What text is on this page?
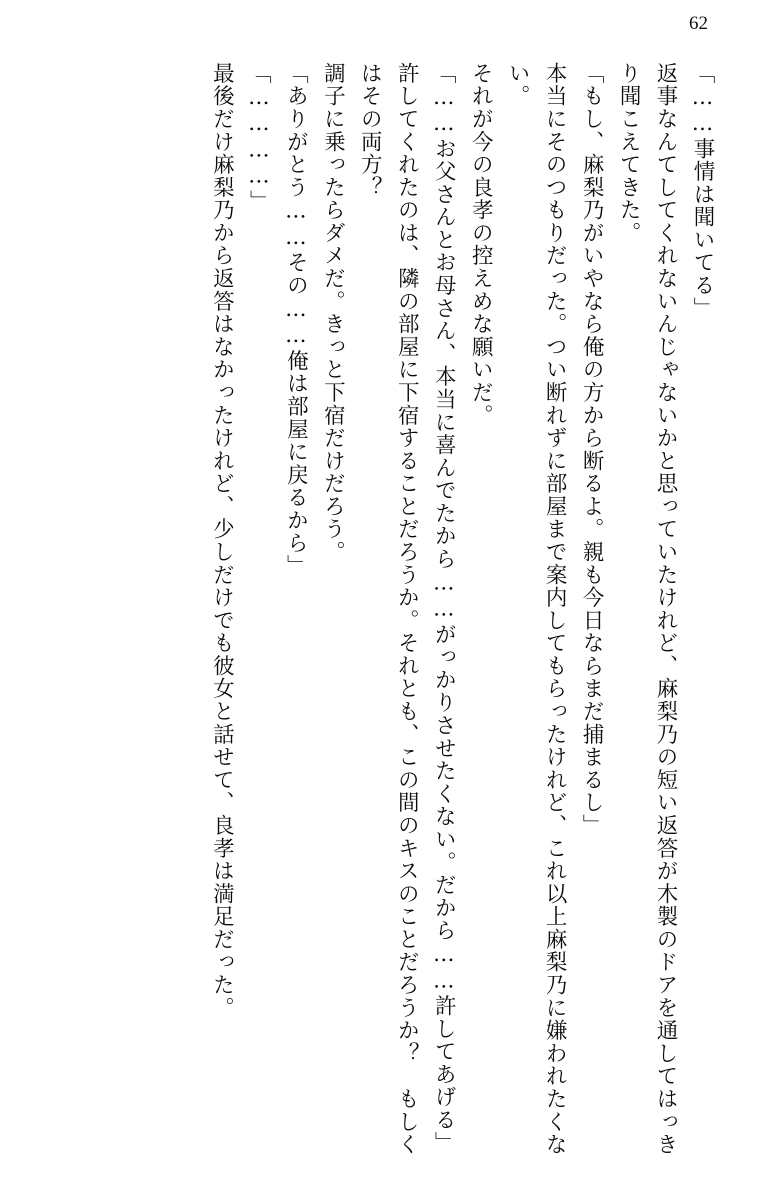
62

「……事情は聞いてる」

返事なんてしてくれないんじゃないかと思っていたけれど、麻梨乃の短い返答が木製のドアを通してはっきり聞こえてきた。

「もし、麻梨乃がいやなら俺の方から断るよ。親も今日ならまだ捕まるし」

本当にそのつもりだった。つい断れずに部屋まで案内してもらったけれど、これ以上麻梨乃に嫌われたくない。

それが今の良孝の控えめな願いだ。

「……お父さんとお母さん、本当に喜んでたから……がっかりさせたくない。だから……許してあげる」

許してくれたのは、隣の部屋に下宿することだろうか。それとも、この間のキスのことだろうか？　もしくはその両方？

調子に乗ったらダメだ。きっと下宿だけだろう。

「ありがとう……その……俺は部屋に戻るから」

「…………」

最後だけ麻梨乃から返答はなかったけれど、少しだけでも彼女と話せて、良孝は満足だった。
